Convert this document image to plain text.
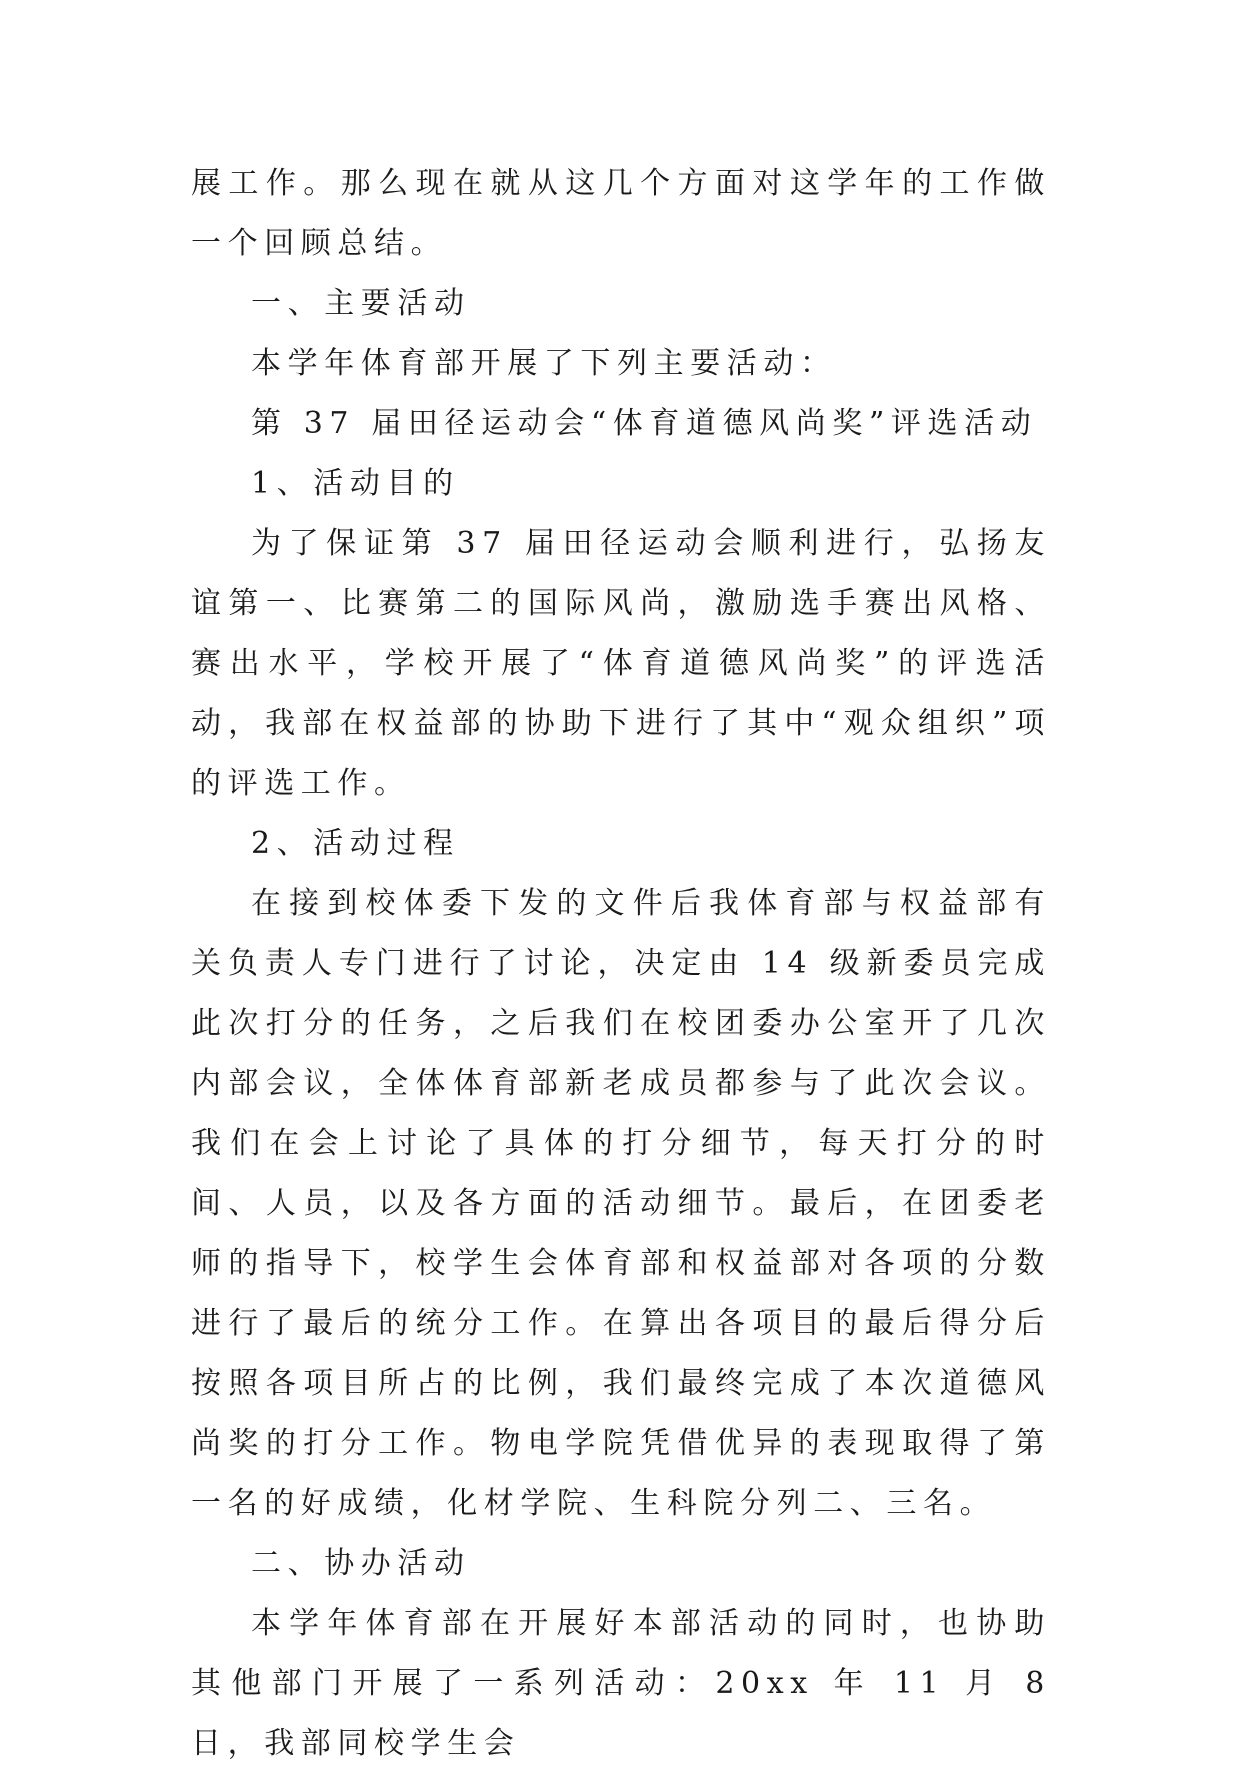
展工作。那么现在就从这几个方面对这学年的工作做一个回顾总结。

一、主要活动

本学年体育部开展了下列主要活动：

第 37 届田径运动会“体育道德风尚奖”评选活动

1、活动目的

为了保证第 37 届田径运动会顺利进行，弘扬友谊第一、比赛第二的国际风尚，激励选手赛出风格、赛出水平，学校开展了“体育道德风尚奖”的评选活动，我部在权益部的协助下进行了其中“观众组织”项的评选工作。

2、活动过程

在接到校体委下发的文件后我体育部与权益部有关负责人专门进行了讨论，决定由 14 级新委员完成此次打分的任务，之后我们在校团委办公室开了几次内部会议，全体体育部新老成员都参与了此次会议。我们在会上讨论了具体的打分细节，每天打分的时间、人员，以及各方面的活动细节。最后，在团委老师的指导下，校学生会体育部和权益部对各项的分数进行了最后的统分工作。在算出各项目的最后得分后按照各项目所占的比例，我们最终完成了本次道德风尚奖的打分工作。物电学院凭借优异的表现取得了第一名的好成绩，化材学院、生科院分列二、三名。

二、协办活动

本学年体育部在开展好本部活动的同时，也协助其他部门开展了一系列活动：20xx 年 11 月 8 日，我部同校学生会
